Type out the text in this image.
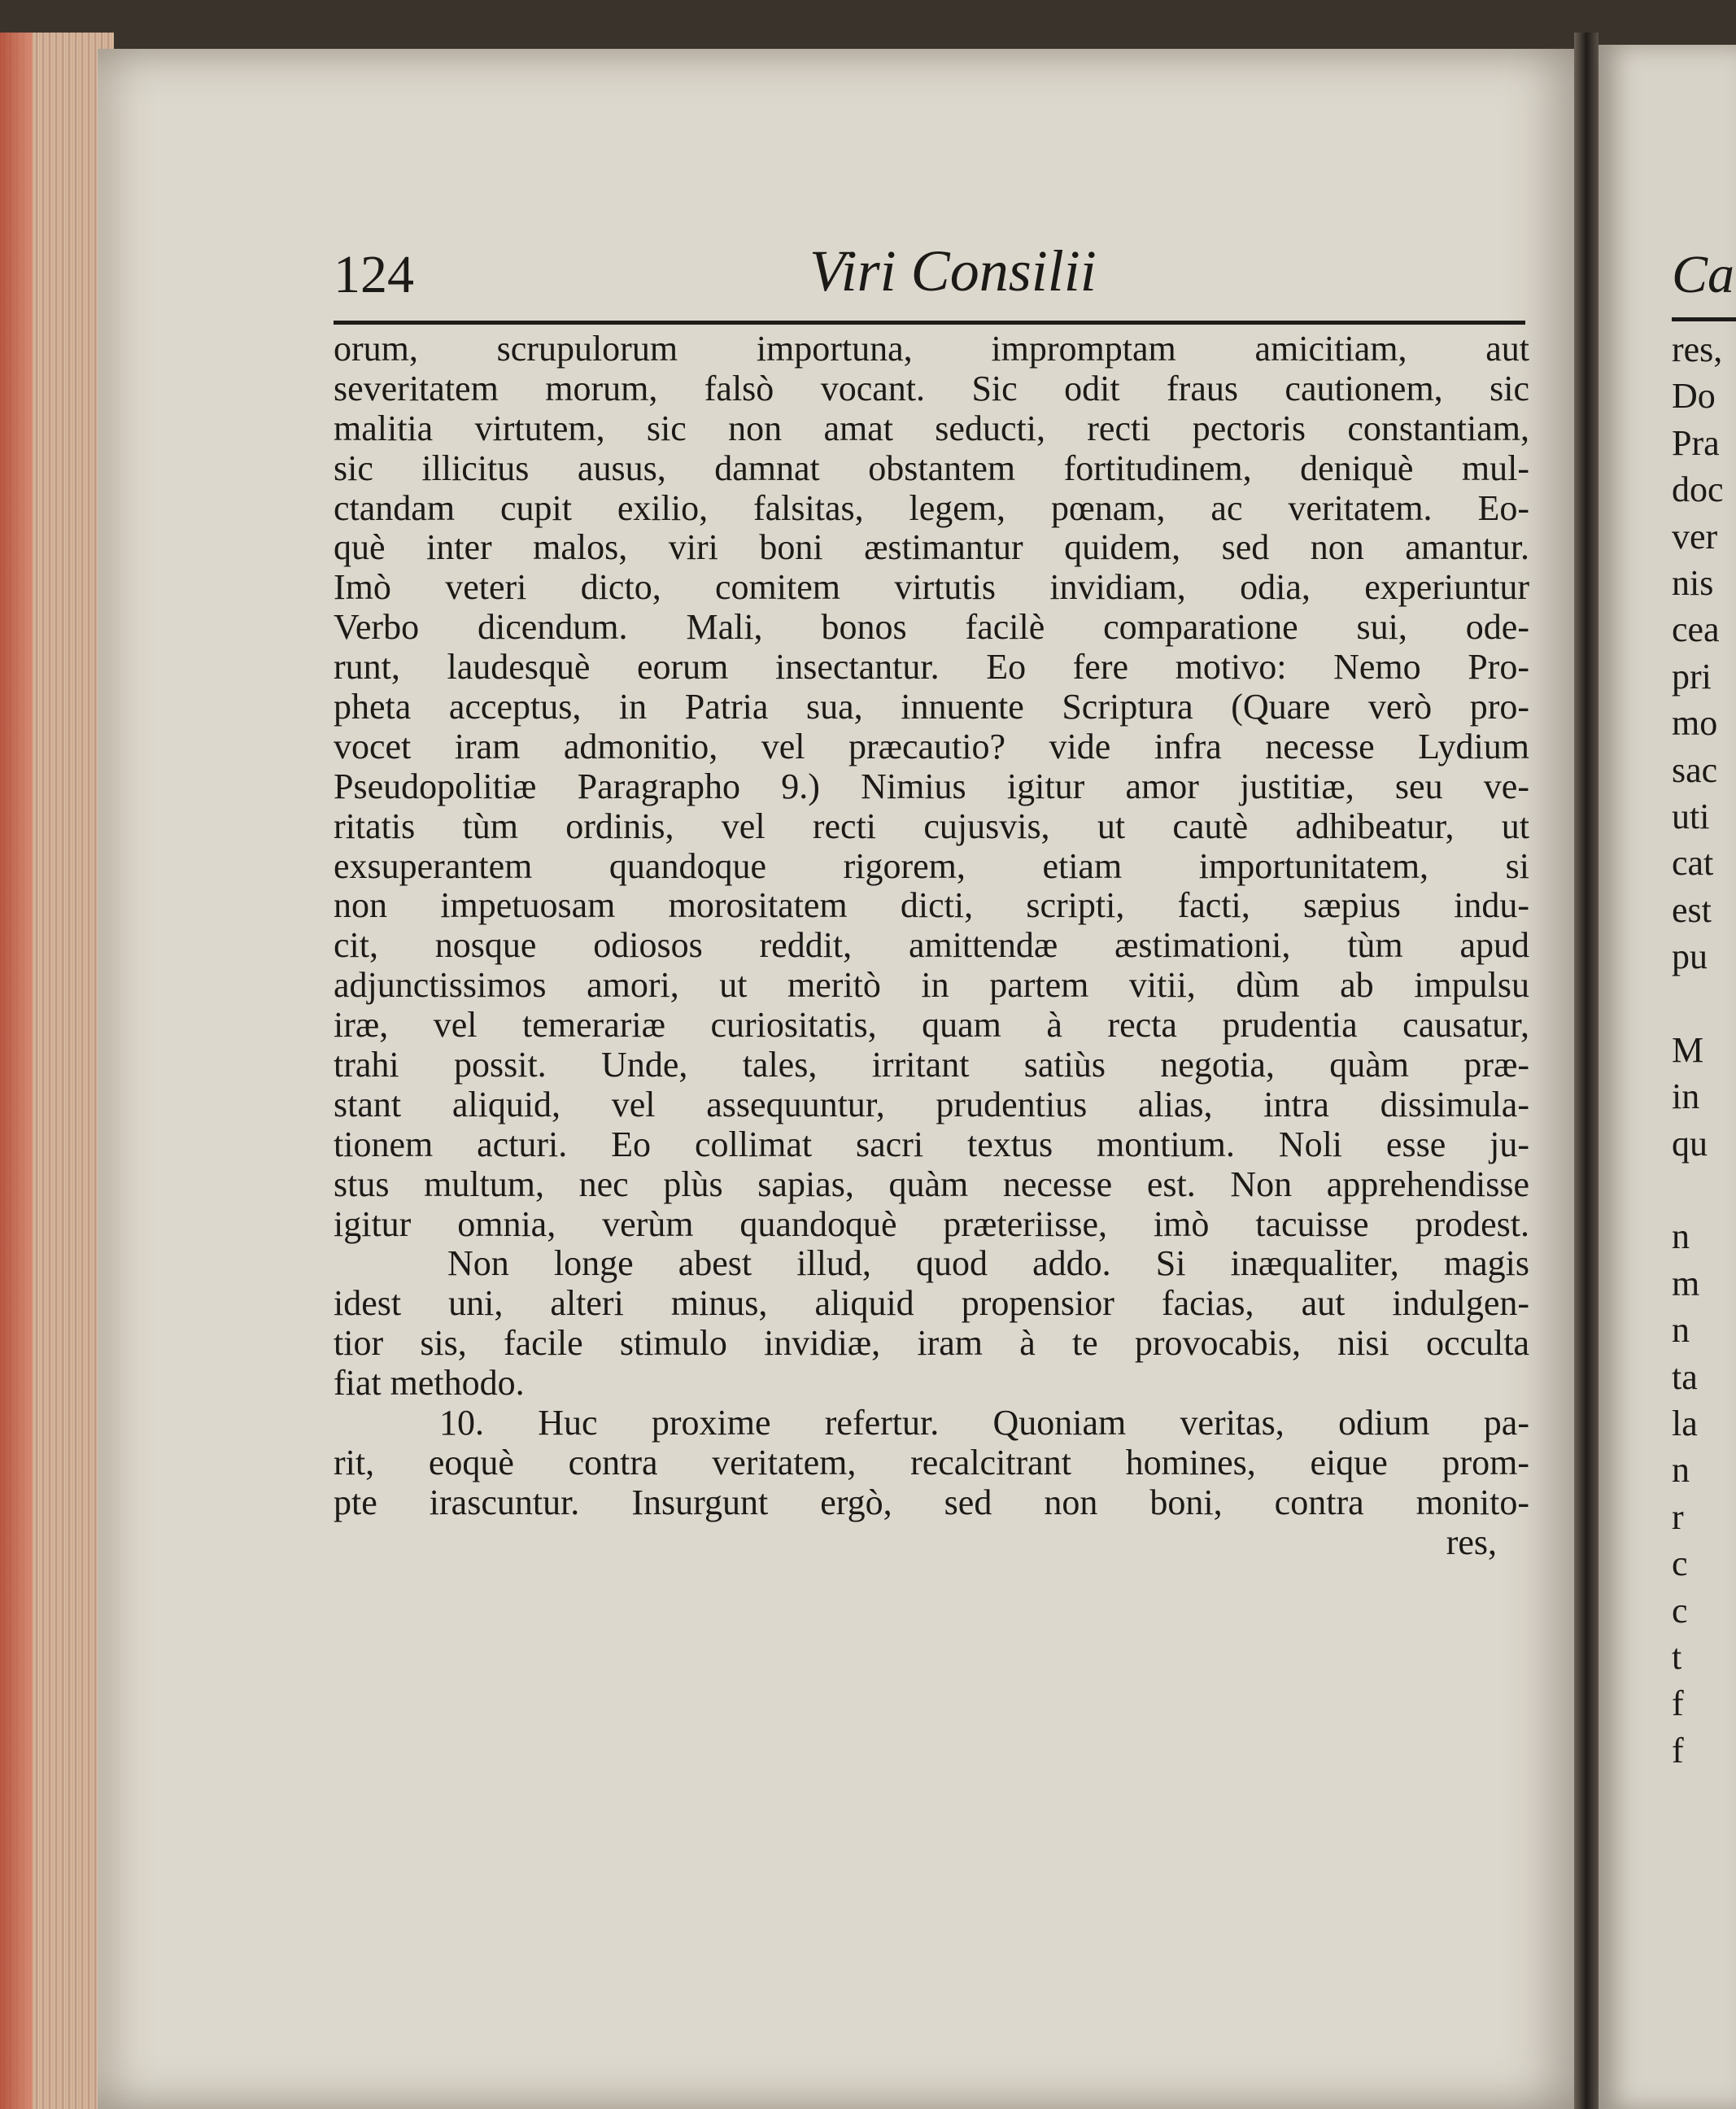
124	Viri Consilii
orum, scrupulorum importuna, impromptam amicitiam, aut
severitatem morum, falsò vocant. Sic odit fraus cautionem, sic
malitia virtutem, sic non amat seducti, recti pectoris constantiam,
sic illicitus ausus, damnat obstantem fortitudinem, deniquè mul-
ctandam cupit exilio, falsitas, legem, pœnam, ac veritatem. Eo-
què inter malos, viri boni æstimantur quidem, sed non amantur.
Imò veteri dicto, comitem virtutis invidiam, odia, experiuntur
Verbo dicendum. Mali, bonos facilè comparatione sui, ode-
runt, laudesquè eorum insectantur. Eo fere motivo: Nemo Pro-
pheta acceptus, in Patria sua, innuente Scriptura (Quare verò pro-
vocet iram admonitio, vel præcautio? vide infra necesse Lydium
Pseudopolitiæ Paragrapho 9.) Nimius igitur amor justitiæ, seu ve-
ritatis tùm ordinis, vel recti cujusvis, ut cautè adhibeatur, ut
exsuperantem quandoque rigorem, etiam importunitatem, si
non impetuosam morositatem dicti, scripti, facti, sæpius indu-
cit, nosque odiosos reddit, amittendæ æstimationi, tùm apud
adjunctissimos amori, ut meritò in partem vitii, dùm ab impulsu
iræ, vel temerariæ curiositatis, quam à recta prudentia causatur,
trahi possit. Unde, tales, irritant satiùs negotia, quàm præ-
stant aliquid, vel assequuntur, prudentius alias, intra dissimula-
tionem acturi. Eo collimat sacri textus montium. Noli esse ju-
stus multum, nec plùs sapias, quàm necesse est. Non apprehendisse
igitur omnia, verùm quandoquè præteriisse, imò tacuisse prodest.
Non longe abest illud, quod addo. Si inæqualiter, magis
idest uni, alteri minus, aliquid propensior facias, aut indulgen-
tior sis, facile stimulo invidiæ, iram à te provocabis, nisi occulta
fiat methodo.
10. Huc proxime refertur. Quoniam veritas, odium pa-
rit, eoquè contra veritatem, recalcitrant homines, eique prom-
pte irascuntur. Insurgunt ergò, sed non boni, contra monito-
res,
Ca
res,
Do
Pra
doc
ver
nis
cea
pri
mo
sac
uti
cat
est
pu
M
in
qu
n
m
n
ta
la
n
r
c
c
t
f
f
